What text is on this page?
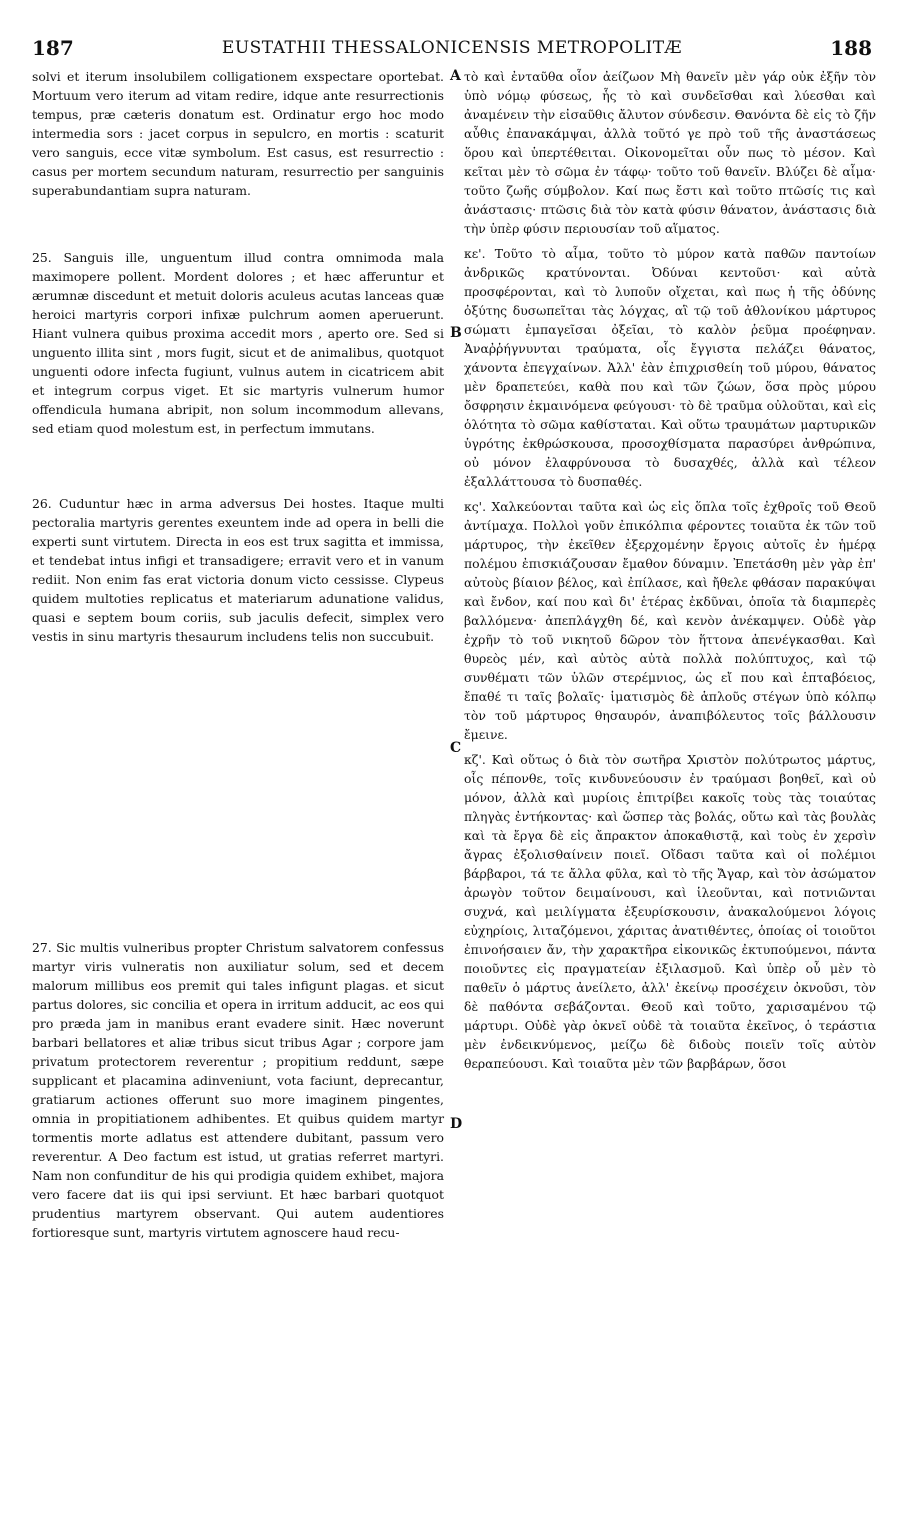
187	EUSTATHII THESSALONICENSIS METROPOLITÆ	188
A
B
C
D

solvi et iterum insolubilem colligationem exspectare oportebat. Mortuum vero iterum ad vitam redire, idque ante resurrectionis tempus, præ cæteris donatum est. Ordinatur ergo hoc modo intermedia sors : jacet corpus in sepulcro, en mortis : scaturit vero sanguis, ecce vitæ symbolum. Est casus, est resurrectio : casus per mortem secundum naturam, resurrectio per sanguinis superabundantiam supra naturam.

25. Sanguis ille, unguentum illud contra omnimoda mala maximopere pollent. Mordent dolores ; et hæc afferuntur et ærumnæ discedunt et metuit doloris aculeus acutas lanceas quæ heroici martyris corpori infixæ pulchrum aomen aperuerunt. Hiant vulnera quibus proxima accedit mors , aperto ore. Sed si unguento illita sint , mors fugit, sicut et de animalibus, quotquot unguenti odore infecta fugiunt, vulnus autem in cicatricem abit et integrum corpus viget. Et sic martyris vulnerum humor offendicula humana abripit, non solum incommodum allevans, sed etiam quod molestum est, in perfectum immutans.

26. Cuduntur hæc in arma adversus Dei hostes. Itaque multi pectoralia martyris gerentes exeuntem inde ad opera in belli die experti sunt virtutem. Directa in eos est trux sagitta et immissa, et tendebat intus infigi et transadigere; erravit vero et in vanum rediit. Non enim fas erat victoria donum victo cessisse. Clypeus quidem multoties replicatus et materiarum adunatione validus, quasi e septem boum coriis, sub jaculis defecit, simplex vero vestis in sinu martyris thesaurum includens telis non succubuit.

27. Sic multis vulneribus propter Christum salvatorem confessus martyr viris vulneratis non auxiliatur solum, sed et decem malorum millibus eos premit qui tales infigunt plagas. et sicut partus dolores, sic concilia et opera in irritum adducit, ac eos qui pro præda jam in manibus erant evadere sinit. Hæc noverunt barbari bellatores et aliæ tribus sicut tribus Agar ; corpore jam privatum protectorem reverentur ; propitium reddunt, sæpe supplicant et placamina adinveniunt, vota faciunt, deprecantur, gratiarum actiones offerunt suo more imaginem pingentes, omnia in propitiationem adhibentes. Et quibus quidem martyr tormentis morte adlatus est attendere dubitant, passum vero reverentur. A Deo factum est istud, ut gratias referret martyri. Nam non confunditur de his qui prodigia quidem exhibet, majora vero facere dat iis qui ipsi serviunt. Et hæc barbari quotquot prudentius martyrem observant. Qui autem audentiores fortioresque sunt, martyris virtutem agnoscere haud recu-

τὸ καὶ ἐνταῦθα οἷον ἀείζωον Μὴ θανεῖν μὲν γάρ οὐκ ἐξῆν τὸν ὑπὸ νόμῳ φύσεως, ἧς τὸ καὶ συνδεῖσθαι καὶ λύεσθαι καὶ ἀναμένειν τὴν εἰσαῦθις ἄλυτον σύνδεσιν. Θανόντα δὲ εἰς τὸ ζῆν αὖθις ἐπανακάμψαι, ἀλλὰ τοῦτό γε πρὸ τοῦ τῆς ἀναστάσεως ὅρου καὶ ὑπερτέθειται. Οἰκονομεῖται οὖν πως τὸ μέσον. Καὶ κεῖται μὲν τὸ σῶμα ἐν τάφῳ· τοῦτο τοῦ θανεῖν. Βλύζει δὲ αἷμα· τοῦτο ζωῆς σύμβολον. Καί πως ἔστι καὶ τοῦτο πτῶσίς τις καὶ ἀνάστασις· πτῶσις διὰ τὸν κατὰ φύσιν θάνατον, ἀνάστασις διὰ τὴν ὑπὲρ φύσιν περιουσίαν τοῦ αἵματος.

κε'. Τοῦτο τὸ αἷμα, τοῦτο τὸ μύρον κατὰ παθῶν παντοίων ἀνδρικῶς κρατύνονται. Ὀδύναι κεντοῦσι· καὶ αὐτὰ προσφέρονται, καὶ τὸ λυποῦν οἴχεται, καὶ πως ἡ τῆς ὀδύνης ὀξύτης δυσωπεῖται τὰς λόγχας, αἳ τῷ τοῦ ἀθλονίκου μάρτυρος σώματι ἐμπαγεῖσαι ὀξεῖαι, τὸ καλὸν ῥεῦμα προέφηναν. Ἀναῤῥήγνυνται τραύματα, οἷς ἔγγιστα πελάζει θάνατος, χάνοντα ἐπεγχαίνων. Ἀλλ' ἐὰν ἐπιχρισθείη τοῦ μύρου, θάνατος μὲν δραπετεύει, καθὰ που καὶ τῶν ζώων, ὅσα πρὸς μύρου ὄσφρησιν ἐκμαινόμενα φεύγουσι· τὸ δὲ τραῦμα οὐλοῦται, καὶ εἰς ὁλότητα τὸ σῶμα καθίσταται. Καὶ οὕτω τραυμάτων μαρτυρικῶν ὑγρότης ἐκθρώσκουσα, προσοχθίσματα παρασύρει ἀνθρώπινα, οὐ μόνον ἐλαφρύνουσα τὸ δυσαχθές, ἀλλὰ καὶ τέλεον ἐξαλλάττουσα τὸ δυσπαθές.

κς'. Χαλκεύονται ταῦτα καὶ ὡς εἰς ὅπλα τοῖς ἐχθροῖς τοῦ Θεοῦ ἀντίμαχα. Πολλοὶ γοῦν ἐπικόλπια φέροντες τοιαῦτα ἐκ τῶν τοῦ μάρτυρος, τὴν ἐκεῖθεν ἐξερχομένην ἔργοις αὐτοῖς ἐν ἡμέρᾳ πολέμου ἐπισκιάζουσαν ἔμαθον δύναμιν. Ἐπετάσθη μὲν γὰρ ἐπ' αὐτοὺς βίαιον βέλος, καὶ ἐπίλασε, καὶ ἤθελε φθάσαν παρακύψαι καὶ ἔνδον, καί που καὶ δι' ἑτέρας ἐκδῦναι, ὁποῖα τὰ διαμπερὲς βαλλόμενα· ἀπεπλάγχθη δέ, καὶ κενὸν ἀνέκαμψεν. Οὐδὲ γὰρ ἐχρῆν τὸ τοῦ νικητοῦ δῶρον τὸν ἥττονα ἀπενέγκασθαι. Καὶ θυρεὸς μέν, καὶ αὐτὸς αὐτὰ πολλὰ πολύπτυχος, καὶ τῷ συνθέματι τῶν ὑλῶν στερέμνιος, ὡς εἴ που καὶ ἑπταβόειος, ἔπαθέ τι ταῖς βολαῖς· ἱματισμὸς δὲ ἁπλοῦς στέγων ὑπὸ κόλπῳ τὸν τοῦ μάρτυρος θησαυρόν, ἀναπιβόλευτος τοῖς βάλλουσιν ἔμεινε.

κζ'. Καὶ οὕτως ὁ διὰ τὸν σωτῆρα Χριστὸν πολύτρωτος μάρτυς, οἷς πέπονθε, τοῖς κινδυνεύουσιν ἐν τραύμασι βοηθεῖ, καὶ οὐ μόνον, ἀλλὰ καὶ μυρίοις ἐπιτρίβει κακοῖς τοὺς τὰς τοιαύτας πληγὰς ἐντήκοντας· καὶ ὥσπερ τὰς βολάς, οὕτω καὶ τὰς βουλὰς καὶ τὰ ἔργα δὲ εἰς ἄπρακτον ἀποκαθιστᾷ, καὶ τοὺς ἐν χερσὶν ἄγρας ἐξολισθαίνειν ποιεῖ. Οἴδασι ταῦτα καὶ οἱ πολέμιοι βάρβαροι, τά τε ἄλλα φῦλα, καὶ τὸ τῆς Ἄγαρ, καὶ τὸν ἀσώματον ἀρωγὸν τοῦτον δειμαίνουσι, καὶ ἱλεοῦνται, καὶ ποτνιῶνται συχνά, καὶ μειλίγματα ἐξευρίσκουσιν, ἀνακαλούμενοι λόγοις εὐχηρίοις, λιταζόμενοι, χάριτας ἀνατιθέντες, ὁποίας οἱ τοιοῦτοι ἐπινοήσαιεν ἄν, τὴν χαρακτῆρα εἰκονικῶς ἐκτυπούμενοι, πάντα ποιοῦντες εἰς πραγματείαν ἐξιλασμοῦ. Καὶ ὑπὲρ οὗ μὲν τὸ παθεῖν ὁ μάρτυς ἀνείλετο, ἀλλ' ἐκείνῳ προσέχειν ὀκνοῦσι, τὸν δὲ παθόντα σεβάζονται. Θεοῦ καὶ τοῦτο, χαρισαμένου τῷ μάρτυρι. Οὐδὲ γὰρ ὀκνεῖ οὐδὲ τὰ τοιαῦτα ἐκεῖνος, ὁ τεράστια μὲν ἐνδεικνύμενος, μείζω δὲ διδοὺς ποιεῖν τοῖς αὐτὸν θεραπεύουσι. Καὶ τοιαῦτα μὲν τῶν βαρβάρων, ὅσοι
